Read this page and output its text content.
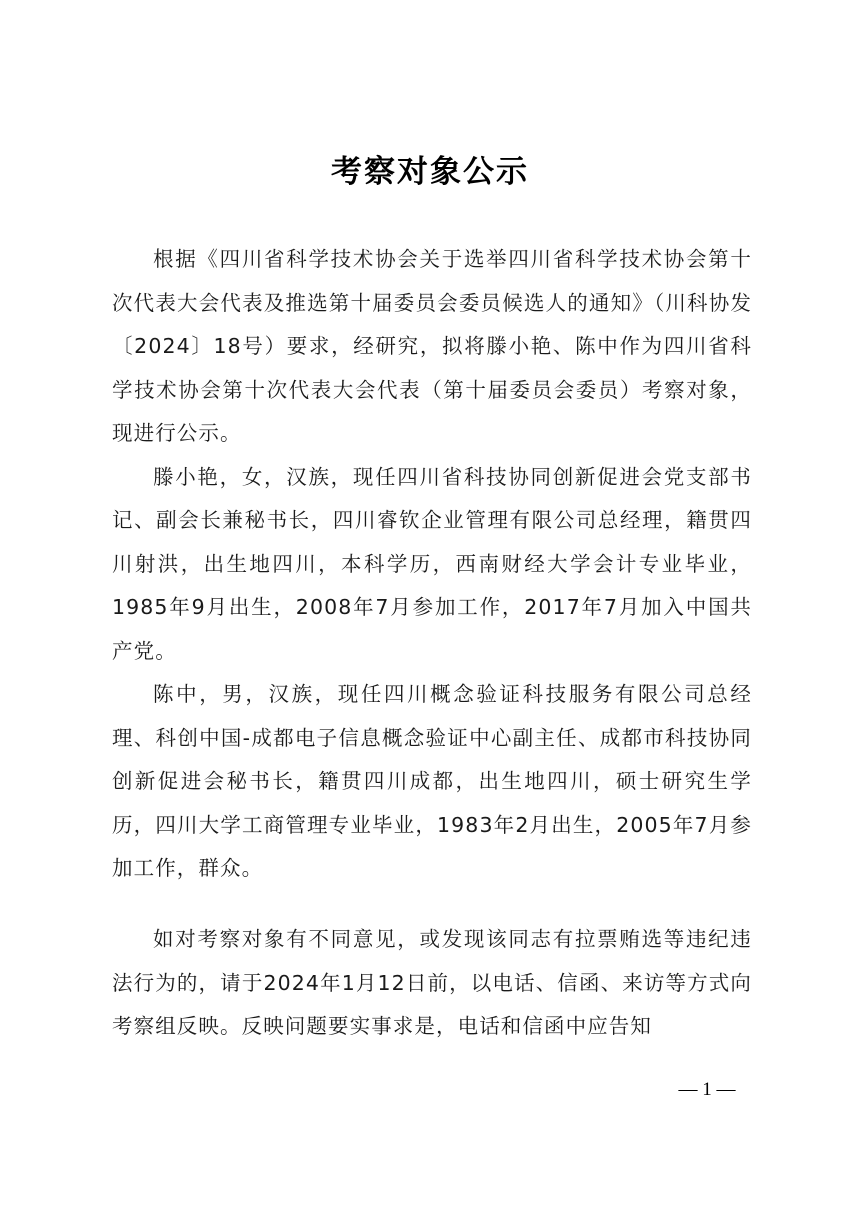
考察对象公示

根据《四川省科学技术协会关于选举四川省科学技术协会第十次代表大会代表及推选第十届委员会委员候选人的通知》（川科协发〔2024〕18号）要求，经研究，拟将滕小艳、陈中作为四川省科学技术协会第十次代表大会代表（第十届委员会委员）考察对象，现进行公示。

滕小艳，女，汉族，现任四川省科技协同创新促进会党支部书记、副会长兼秘书长，四川睿钦企业管理有限公司总经理，籍贯四川射洪，出生地四川，本科学历，西南财经大学会计专业毕业，1985年9月出生，2008年7月参加工作，2017年7月加入中国共产党。

陈中，男，汉族，现任四川概念验证科技服务有限公司总经理、科创中国-成都电子信息概念验证中心副主任、成都市科技协同创新促进会秘书长，籍贯四川成都，出生地四川，硕士研究生学历，四川大学工商管理专业毕业，1983年2月出生，2005年7月参加工作，群众。

如对考察对象有不同意见，或发现该同志有拉票贿选等违纪违法行为的，请于2024年1月12日前，以电话、信函、来访等方式向考察组反映。反映问题要实事求是，电话和信函中应告知

— 1 —
